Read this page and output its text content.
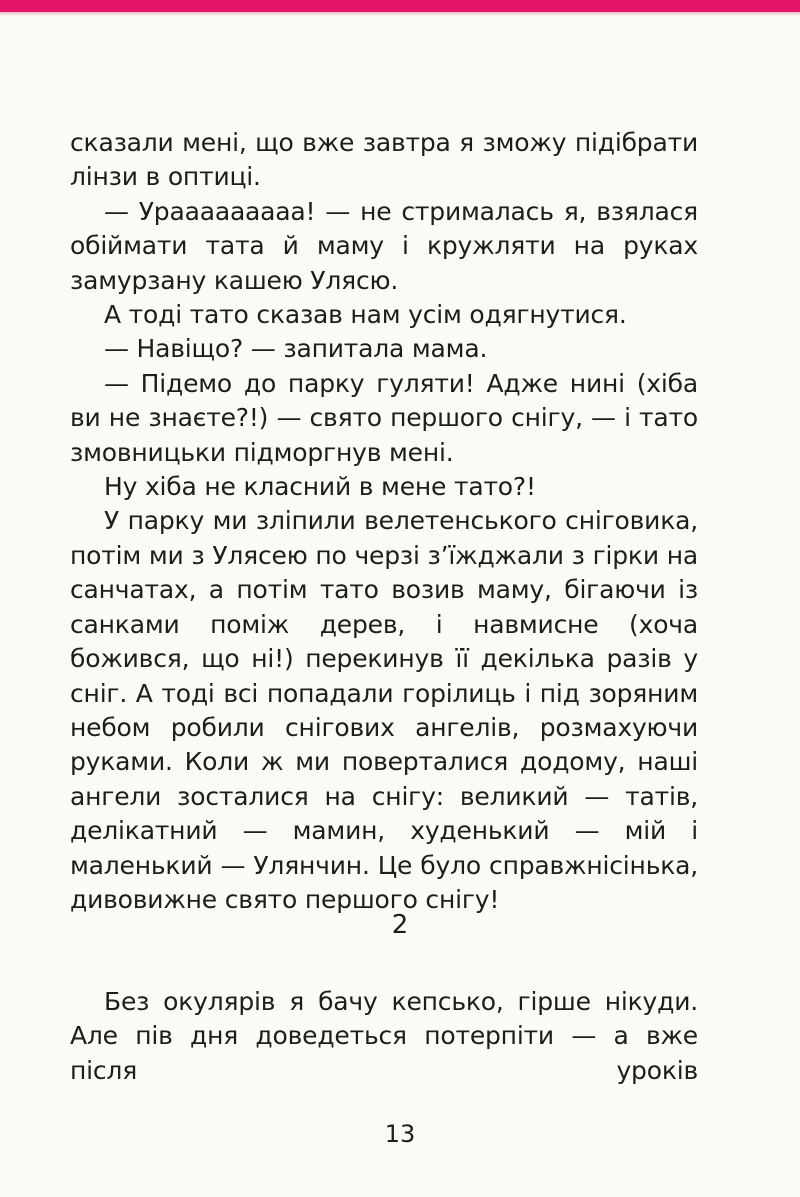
сказали мені, що вже завтра я зможу підібрати лінзи в оптиці.

— Урааааааааа! — не стрималась я, взялася обіймати тата й маму і кружляти на руках замурзану кашею Улясю.

А тоді тато сказав нам усім одягнутися.

— Навіщо? — запитала мама.

— Підемо до парку гуляти! Адже нині (хіба ви не знаєте?!) — свято першого снігу, — і тато змовницьки підморгнув мені.

Ну хіба не класний в мене тато?!

У парку ми зліпили велетенського сніговика, потім ми з Улясею по черзі з’їжджали з гірки на санчатах, а потім тато возив маму, бігаючи із санками поміж дерев, і навмисне (хоча божився, що ні!) перекинув її декілька разів у сніг. А тоді всі попадали горілиць і під зоряним небом робили снігових ангелів, розмахуючи руками. Коли ж ми поверталися додому, наші ангели зосталися на снігу: великий — татів, делікатний — мамин, худенький — мій і маленький — Улянчин. Це було справжнісінька, дивовижне свято першого снігу!

2

Без окулярів я бачу кепсько, гірше нікуди. Але пів дня доведеться потерпіти — а вже після уроків

13
